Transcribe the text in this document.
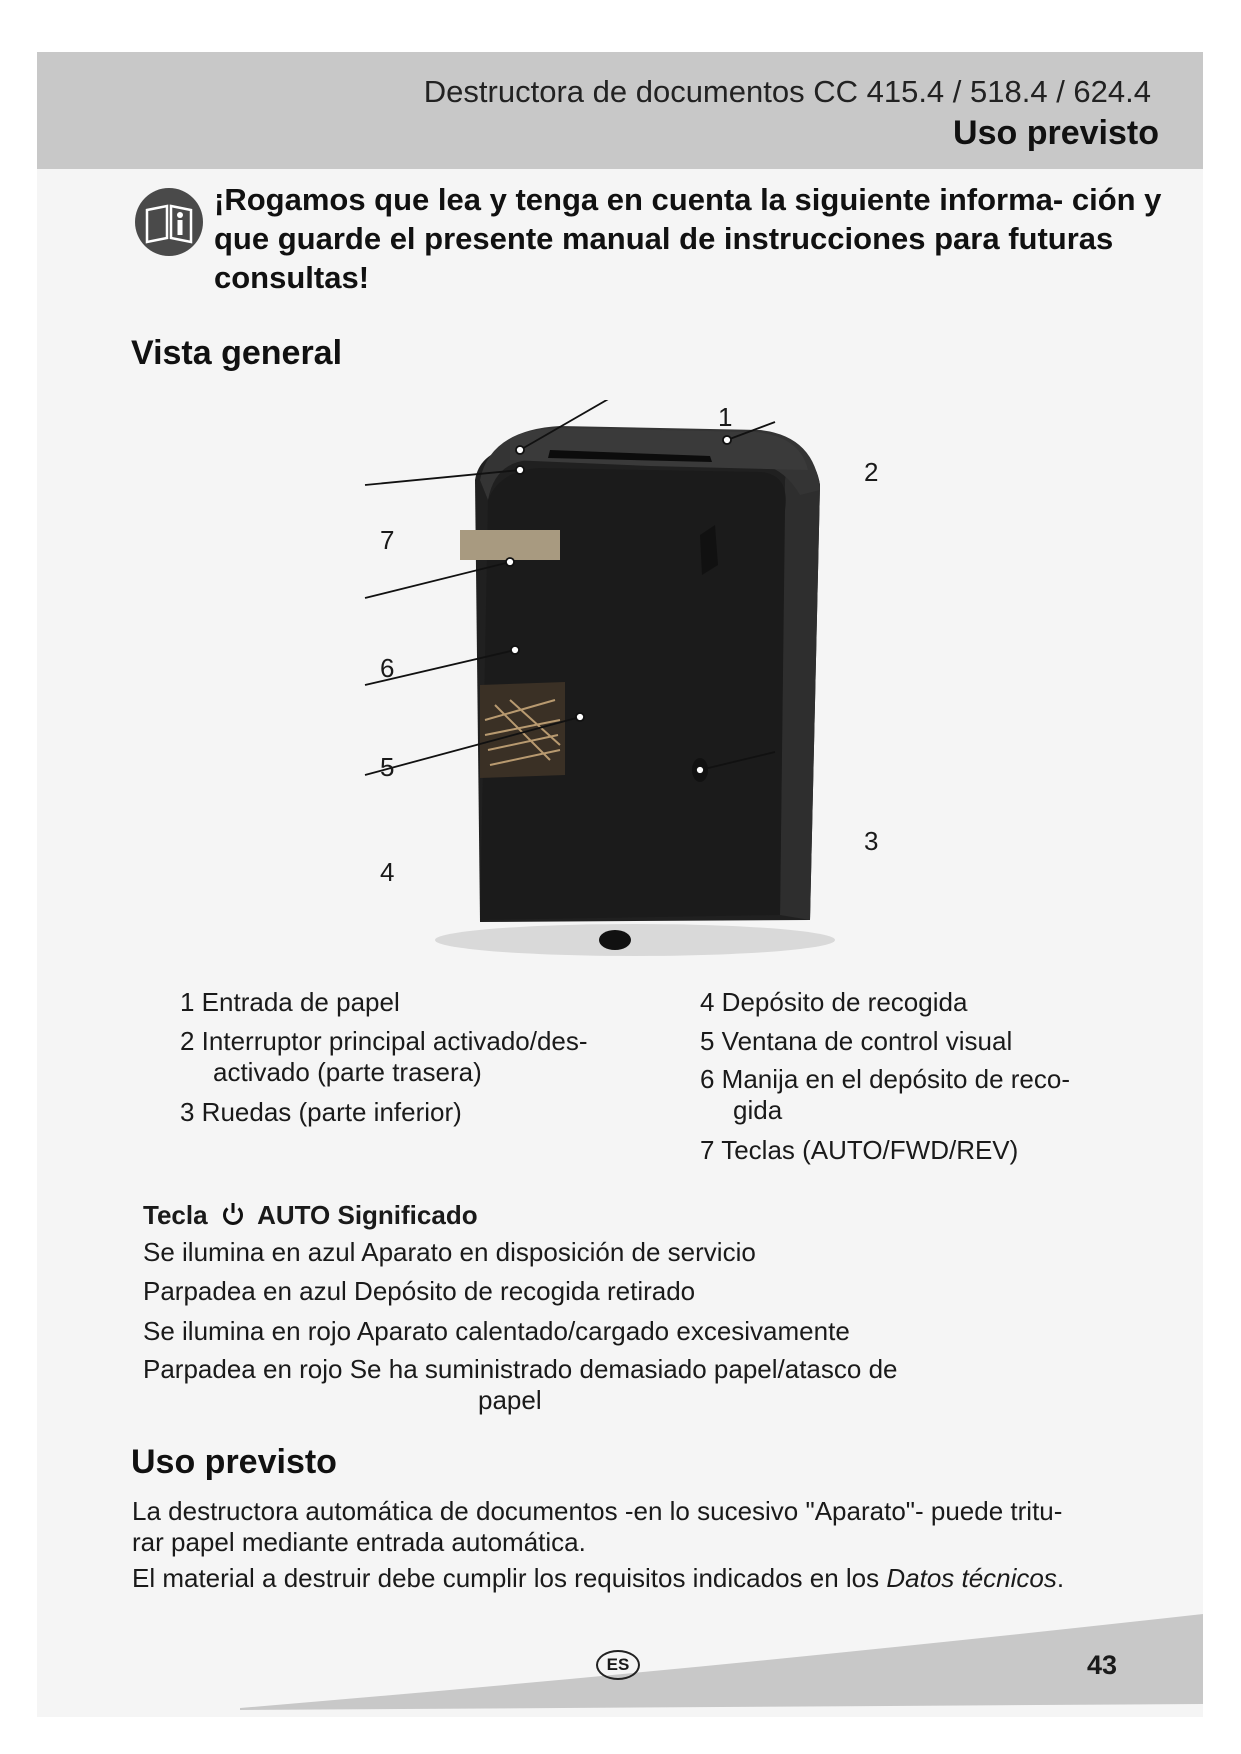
Destructora de documentos CC 415.4 / 518.4 / 624.4
Uso previsto
¡Rogamos que lea y tenga en cuenta la siguiente informa- ción y que guarde el presente manual de instrucciones para futuras consultas!
Vista general
1
2
3
4
5
6
7
1 Entrada de papel
2 Interruptor principal activado/des-
activado (parte trasera)
3 Ruedas (parte inferior)
4 Depósito de recogida
5 Ventana de control visual
6 Manija en el depósito de reco-
gida
7 Teclas (AUTO/FWD/REV)
Tecla AUTO Significado
Se ilumina en azul Aparato en disposición de servicio
Parpadea en azul Depósito de recogida retirado
Se ilumina en rojo Aparato calentado/cargado excesivamente
Parpadea en rojo Se ha suministrado demasiado papel/atasco de
papel
Uso previsto
La destructora automática de documentos -en lo sucesivo "Aparato"- puede tritu-
rar papel mediante entrada automática.
El material a destruir debe cumplir los requisitos indicados en los Datos técnicos.
ES	43
